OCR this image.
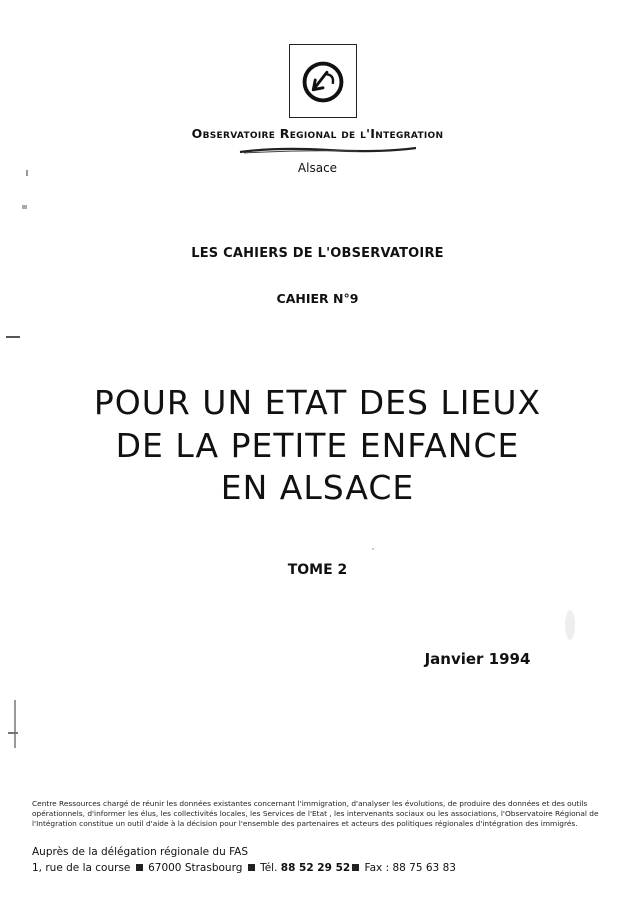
Observatoire Regional de l'Integration
Alsace
LES CAHIERS DE L'OBSERVATOIRE
CAHIER N°9
POUR UN ETAT DES LIEUX
DE LA PETITE ENFANCE
EN ALSACE
TOME 2
Janvier 1994
Centre Ressources chargé de réunir les données existantes concernant l'immigration, d'analyser les évolutions, de produire des données et des outils opérationnels, d'informer les élus, les collectivités locales, les Services de l'Etat , les intervenants sociaux ou les associations, l'Observatoire Régional de l'Intégration constitue un outil d'aide à la décision pour l'ensemble des partenaires et acteurs des politiques régionales d'intégration des immigrés.
Auprès de la délégation régionale du FAS
1, rue de la course 67000 Strasbourg Tél. 88 52 29 52 Fax : 88 75 63 83
